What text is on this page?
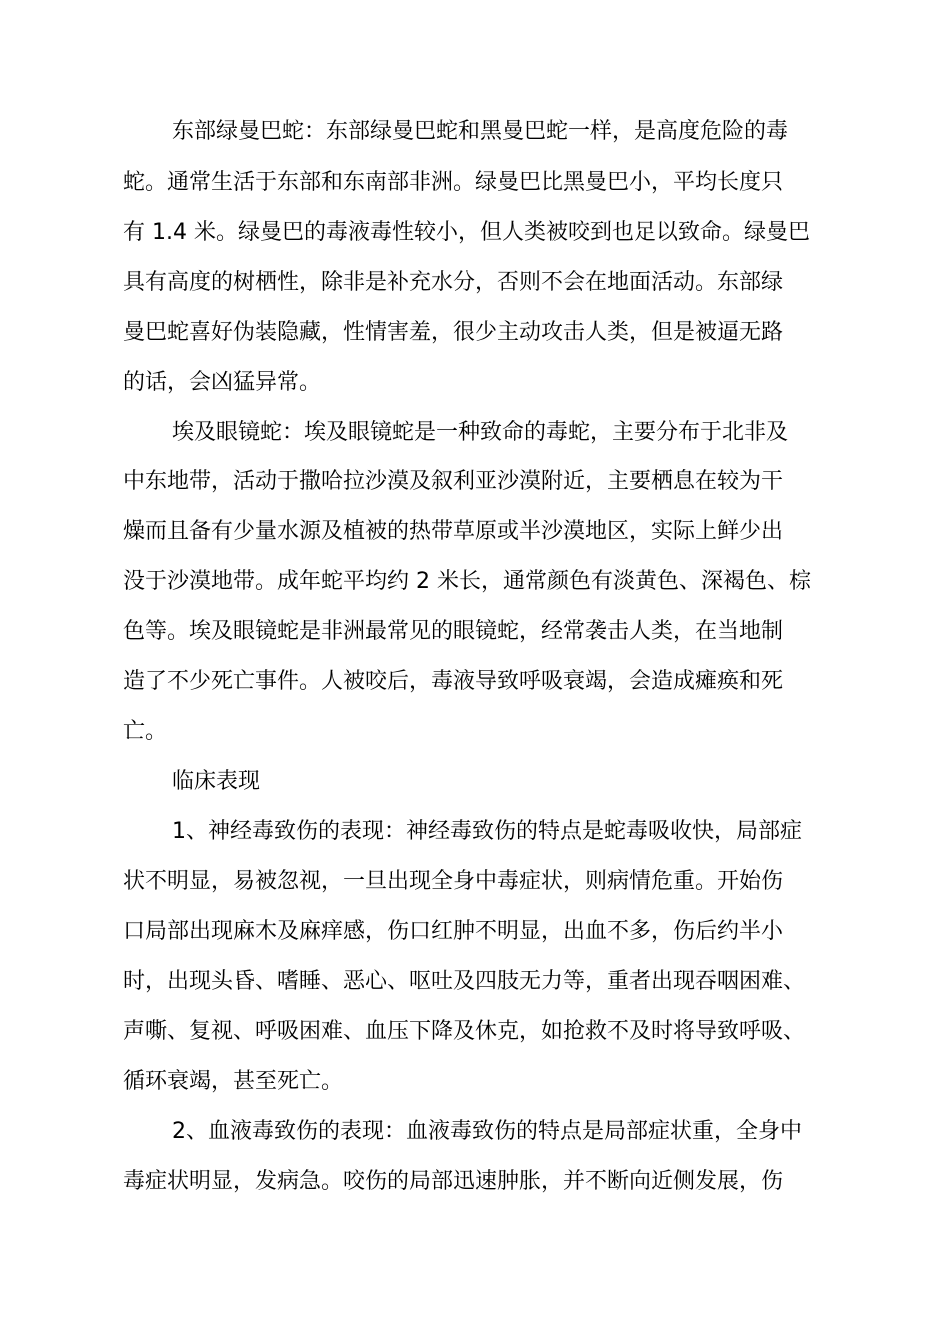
东部绿曼巴蛇：东部绿曼巴蛇和黑曼巴蛇一样，是高度危险的毒
蛇。通常生活于东部和东南部非洲。绿曼巴比黑曼巴小，平均长度只
有 1.4 米。绿曼巴的毒液毒性较小，但人类被咬到也足以致命。绿曼巴
具有高度的树栖性，除非是补充水分，否则不会在地面活动。东部绿
曼巴蛇喜好伪装隐藏，性情害羞，很少主动攻击人类，但是被逼无路
的话，会凶猛异常。
埃及眼镜蛇：埃及眼镜蛇是一种致命的毒蛇，主要分布于北非及
中东地带，活动于撒哈拉沙漠及叙利亚沙漠附近，主要栖息在较为干
燥而且备有少量水源及植被的热带草原或半沙漠地区，实际上鲜少出
没于沙漠地带。成年蛇平均约 2 米长，通常颜色有淡黄色、深褐色、棕
色等。埃及眼镜蛇是非洲最常见的眼镜蛇，经常袭击人类，在当地制
造了不少死亡事件。人被咬后，毒液导致呼吸衰竭，会造成瘫痪和死
亡。
临床表现
1、神经毒致伤的表现：神经毒致伤的特点是蛇毒吸收快，局部症
状不明显，易被忽视，一旦出现全身中毒症状，则病情危重。开始伤
口局部出现麻木及麻痒感，伤口红肿不明显，出血不多，伤后约半小
时，出现头昏、嗜睡、恶心、呕吐及四肢无力等，重者出现吞咽困难、
声嘶、复视、呼吸困难、血压下降及休克，如抢救不及时将导致呼吸、
循环衰竭，甚至死亡。
2、血液毒致伤的表现：血液毒致伤的特点是局部症状重，全身中
毒症状明显，发病急。咬伤的局部迅速肿胀，并不断向近侧发展，伤
